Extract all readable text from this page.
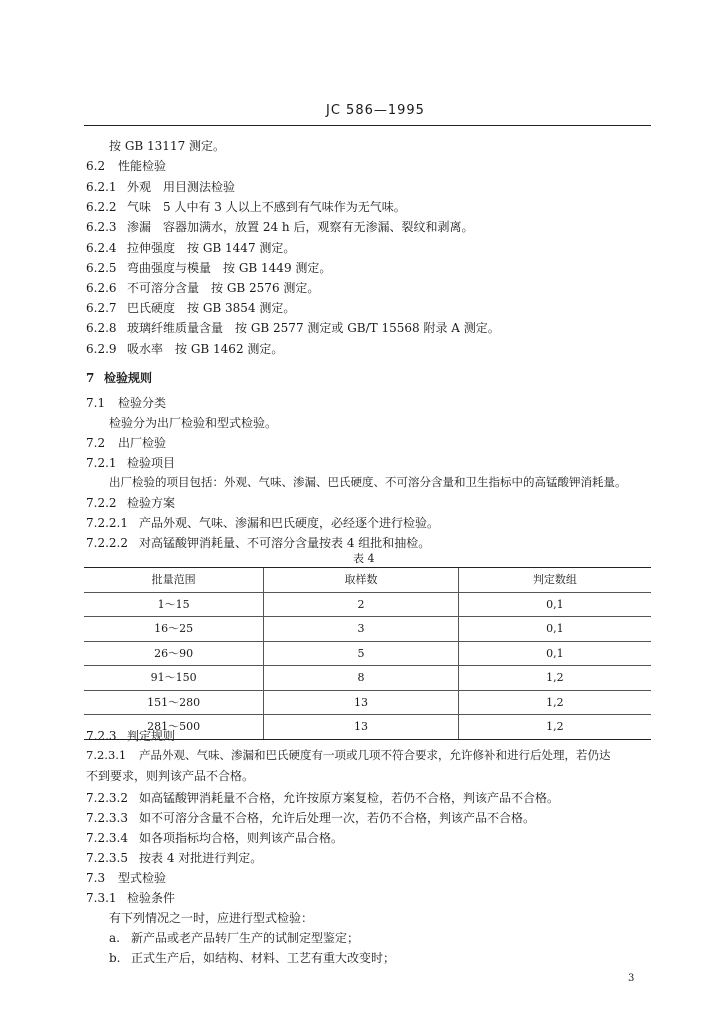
JC 586—1995
按 GB 13117 测定。
6.2 性能检验
6.2.1 外观　用目测法检验
6.2.2 气味　5 人中有 3 人以上不感到有气味作为无气味。
6.2.3 渗漏　容器加满水，放置 24 h 后，观察有无渗漏、裂纹和剥离。
6.2.4 拉伸强度　按 GB 1447 测定。
6.2.5 弯曲强度与模量　按 GB 1449 测定。
6.2.6 不可溶分含量　按 GB 2576 测定。
6.2.7 巴氏硬度　按 GB 3854 测定。
6.2.8 玻璃纤维质量含量　按 GB 2577 测定或 GB/T 15568 附录 A 测定。
6.2.9 吸水率　按 GB 1462 测定。
7 检验规则
7.1 检验分类
检验分为出厂检验和型式检验。
7.2 出厂检验
7.2.1 检验项目
出厂检验的项目包括：外观、气味、渗漏、巴氏硬度、不可溶分含量和卫生指标中的高锰酸钾消耗量。
7.2.2 检验方案
7.2.2.1 产品外观、气味、渗漏和巴氏硬度，必经逐个进行检验。
7.2.2.2 对高锰酸钾消耗量、不可溶分含量按表 4 组批和抽检。
表 4
批量范围	取样数	判定数组
1～15	2	0,1
16～25	3	0,1
26～90	5	0,1
91～150	8	1,2
151～280	13	1,2
281～500	13	1,2
7.2.3 判定规则
7.2.3.1 产品外观、气味、渗漏和巴氏硬度有一项或几项不符合要求，允许修补和进行后处理，若仍达
不到要求，则判该产品不合格。
7.2.3.2 如高锰酸钾消耗量不合格，允许按原方案复检，若仍不合格，判该产品不合格。
7.2.3.3 如不可溶分含量不合格，允许后处理一次，若仍不合格，判该产品不合格。
7.2.3.4 如各项指标均合格，则判该产品合格。
7.2.3.5 按表 4 对批进行判定。
7.3 型式检验
7.3.1 检验条件
有下列情况之一时，应进行型式检验：
a. 新产品或老产品转厂生产的试制定型鉴定；
b. 正式生产后，如结构、材料、工艺有重大改变时；
3
